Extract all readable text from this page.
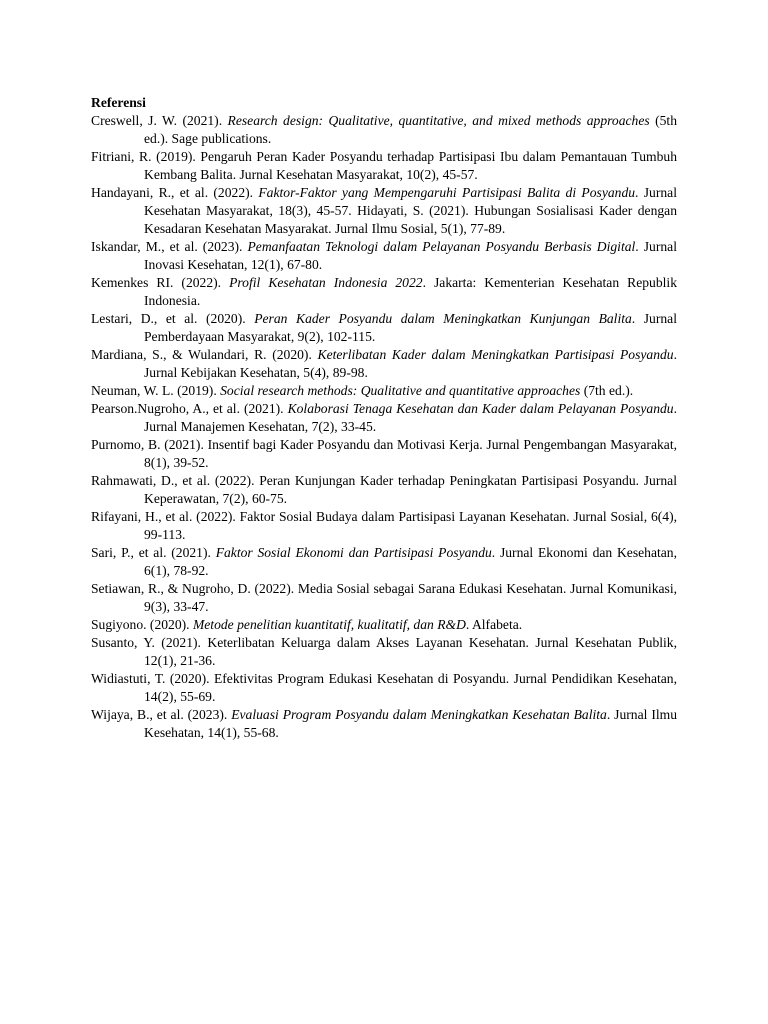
Referensi

Creswell, J. W. (2021). Research design: Qualitative, quantitative, and mixed methods approaches (5th ed.). Sage publications.
Fitriani, R. (2019). Pengaruh Peran Kader Posyandu terhadap Partisipasi Ibu dalam Pemantauan Tumbuh Kembang Balita. Jurnal Kesehatan Masyarakat, 10(2), 45-57.
Handayani, R., et al. (2022). Faktor-Faktor yang Mempengaruhi Partisipasi Balita di Posyandu. Jurnal Kesehatan Masyarakat, 18(3), 45-57. Hidayati, S. (2021). Hubungan Sosialisasi Kader dengan Kesadaran Kesehatan Masyarakat. Jurnal Ilmu Sosial, 5(1), 77-89.
Iskandar, M., et al. (2023). Pemanfaatan Teknologi dalam Pelayanan Posyandu Berbasis Digital. Jurnal Inovasi Kesehatan, 12(1), 67-80.
Kemenkes RI. (2022). Profil Kesehatan Indonesia 2022. Jakarta: Kementerian Kesehatan Republik Indonesia.
Lestari, D., et al. (2020). Peran Kader Posyandu dalam Meningkatkan Kunjungan Balita. Jurnal Pemberdayaan Masyarakat, 9(2), 102-115.
Mardiana, S., & Wulandari, R. (2020). Keterlibatan Kader dalam Meningkatkan Partisipasi Posyandu. Jurnal Kebijakan Kesehatan, 5(4), 89-98.
Neuman, W. L. (2019). Social research methods: Qualitative and quantitative approaches (7th ed.).
Pearson.Nugroho, A., et al. (2021). Kolaborasi Tenaga Kesehatan dan Kader dalam Pelayanan Posyandu. Jurnal Manajemen Kesehatan, 7(2), 33-45.
Purnomo, B. (2021). Insentif bagi Kader Posyandu dan Motivasi Kerja. Jurnal Pengembangan Masyarakat, 8(1), 39-52.
Rahmawati, D., et al. (2022). Peran Kunjungan Kader terhadap Peningkatan Partisipasi Posyandu. Jurnal Keperawatan, 7(2), 60-75.
Rifayani, H., et al. (2022). Faktor Sosial Budaya dalam Partisipasi Layanan Kesehatan. Jurnal Sosial, 6(4), 99-113.
Sari, P., et al. (2021). Faktor Sosial Ekonomi dan Partisipasi Posyandu. Jurnal Ekonomi dan Kesehatan, 6(1), 78-92.
Setiawan, R., & Nugroho, D. (2022). Media Sosial sebagai Sarana Edukasi Kesehatan. Jurnal Komunikasi, 9(3), 33-47.
Sugiyono. (2020). Metode penelitian kuantitatif, kualitatif, dan R&D. Alfabeta.
Susanto, Y. (2021). Keterlibatan Keluarga dalam Akses Layanan Kesehatan. Jurnal Kesehatan Publik, 12(1), 21-36.
Widiastuti, T. (2020). Efektivitas Program Edukasi Kesehatan di Posyandu. Jurnal Pendidikan Kesehatan, 14(2), 55-69.
Wijaya, B., et al. (2023). Evaluasi Program Posyandu dalam Meningkatkan Kesehatan Balita. Jurnal Ilmu Kesehatan, 14(1), 55-68.
